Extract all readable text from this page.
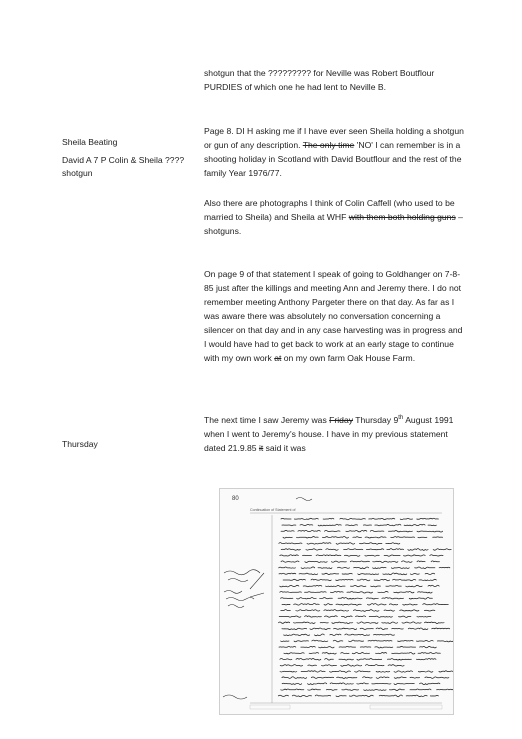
Sheila Beating
David A 7 P Colin & Sheila ???? shotgun
Thursday
shotgun that the ????????? for Neville was Robert Boutflour PURDIES of which one he had lent to Neville B.
Page 8. DI H asking me if I have ever seen Sheila holding a shotgun or gun of any description. The only time 'NO' I can remember is in a shooting holiday in Scotland with David Boutflour and the rest of the family Year 1976/77.
Also there are photographs I think of Colin Caffell (who used to be married to Sheila) and Sheila at WHF with them both holding guns – shotguns.
On page 9 of that statement I speak of going to Goldhanger on 7-8-85 just after the killings and meeting Ann and Jeremy there. I do not remember meeting Anthony Pargeter there on that day. As far as I was aware there was absolutely no conversation concerning a silencer on that day and in any case harvesting was in progress and I would have had to get back to work at an early stage to continue with my own work at on my own farm Oak House Farm.
The next time I saw Jeremy was Friday Thursday 9th August 1991 when I went to Jeremy's house. I have in my previous statement dated 21.9.85 it said it was
80
Continuation of Statement of
